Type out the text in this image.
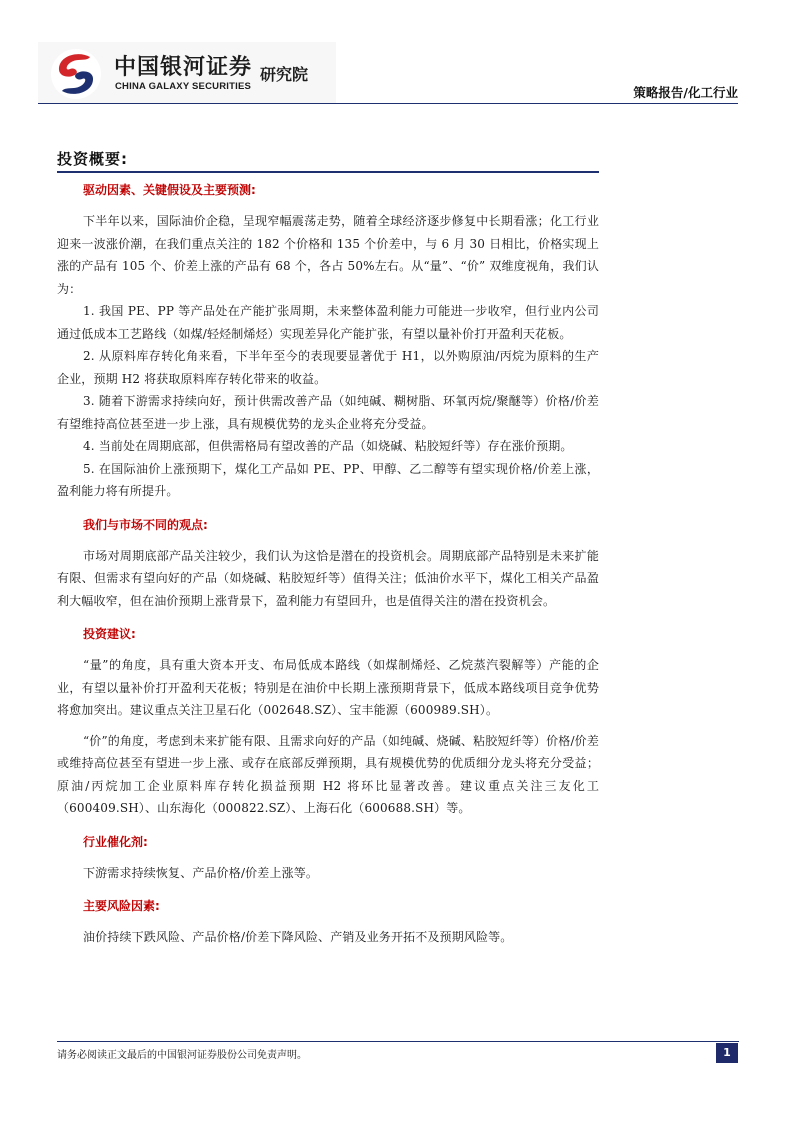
中国银河证券
CHINA GALAXY SECURITIES
研究院
策略报告/化工行业
投资概要:
驱动因素、关键假设及主要预测:

下半年以来，国际油价企稳，呈现窄幅震荡走势，随着全球经济逐步修复中长期看涨；化工行业迎来一波涨价潮，在我们重点关注的 182 个价格和 135 个价差中，与 6 月 30 日相比，价格实现上涨的产品有 105 个、价差上涨的产品有 68 个，各占 50%左右。从“量”、“价” 双维度视角，我们认为：

1. 我国 PE、PP 等产品处在产能扩张周期，未来整体盈利能力可能进一步收窄，但行业内公司通过低成本工艺路线（如煤/轻烃制烯烃）实现差异化产能扩张，有望以量补价打开盈利天花板。

2. 从原料库存转化角来看，下半年至今的表现要显著优于 H1，以外购原油/丙烷为原料的生产企业，预期 H2 将获取原料库存转化带来的收益。

3. 随着下游需求持续向好，预计供需改善产品（如纯碱、糊树脂、环氧丙烷/聚醚等）价格/价差有望维持高位甚至进一步上涨，具有规模优势的龙头企业将充分受益。

4. 当前处在周期底部，但供需格局有望改善的产品（如烧碱、粘胶短纤等）存在涨价预期。

5. 在国际油价上涨预期下，煤化工产品如 PE、PP、甲醇、乙二醇等有望实现价格/价差上涨，盈利能力将有所提升。

我们与市场不同的观点:

市场对周期底部产品关注较少，我们认为这恰是潜在的投资机会。周期底部产品特别是未来扩能有限、但需求有望向好的产品（如烧碱、粘胶短纤等）值得关注；低油价水平下，煤化工相关产品盈利大幅收窄，但在油价预期上涨背景下，盈利能力有望回升，也是值得关注的潜在投资机会。

投资建议:

“量”的角度，具有重大资本开支、布局低成本路线（如煤制烯烃、乙烷蒸汽裂解等）产能的企业，有望以量补价打开盈利天花板；特别是在油价中长期上涨预期背景下，低成本路线项目竞争优势将愈加突出。建议重点关注卫星石化（002648.SZ）、宝丰能源（600989.SH）。

“价”的角度，考虑到未来扩能有限、且需求向好的产品（如纯碱、烧碱、粘胶短纤等）价格/价差或维持高位甚至有望进一步上涨、或存在底部反弹预期，具有规模优势的优质细分龙头将充分受益；原油/丙烷加工企业原料库存转化损益预期 H2 将环比显著改善。建议重点关注三友化工（600409.SH）、山东海化（000822.SZ）、上海石化（600688.SH）等。

行业催化剂:

下游需求持续恢复、产品价格/价差上涨等。

主要风险因素:

油价持续下跌风险、产品价格/价差下降风险、产销及业务开拓不及预期风险等。

请务必阅读正文最后的中国银河证券股份公司免责声明。	1
